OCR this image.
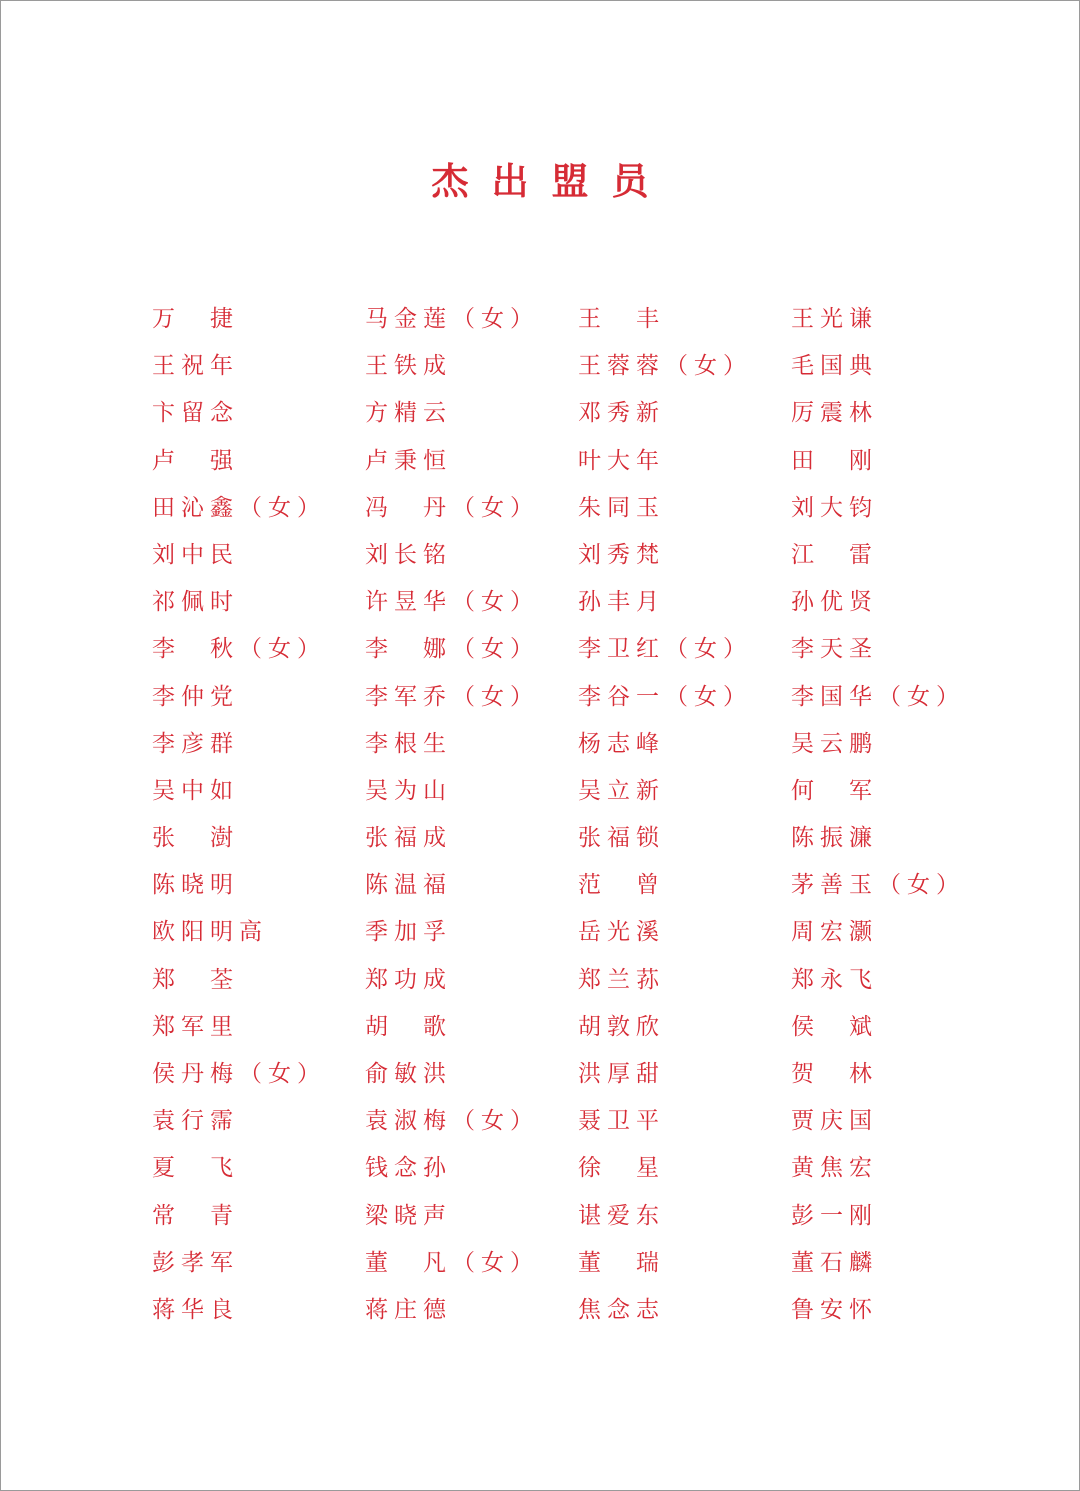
杰出盟员
万　捷	马金莲（女）	王　丰	王光谦
王祝年	王铁成	王蓉蓉（女）	毛国典
卞留念	方精云	邓秀新	厉震林
卢　强	卢秉恒	叶大年	田　刚
田沁鑫（女）	冯　丹（女）	朱同玉	刘大钧
刘中民	刘长铭	刘秀梵	江　雷
祁佩时	许昱华（女）	孙丰月	孙优贤
李　秋（女）	李　娜（女）	李卫红（女）	李天圣
李仲党	李军乔（女）	李谷一（女）	李国华（女）
李彦群	李根生	杨志峰	吴云鹏
吴中如	吴为山	吴立新	何　军
张　澍	张福成	张福锁	陈振濂
陈晓明	陈温福	范　曾	茅善玉（女）
欧阳明高	季加孚	岳光溪	周宏灏
郑　荃	郑功成	郑兰荪	郑永飞
郑军里	胡　歌	胡敦欣	侯　斌
侯丹梅（女）	俞敏洪	洪厚甜	贺　林
袁行霈	袁淑梅（女）	聂卫平	贾庆国
夏　飞	钱念孙	徐　星	黄焦宏
常　青	梁晓声	谌爱东	彭一刚
彭孝军	董　凡（女）	董　瑞	董石麟
蒋华良	蒋庄德	焦念志	鲁安怀
